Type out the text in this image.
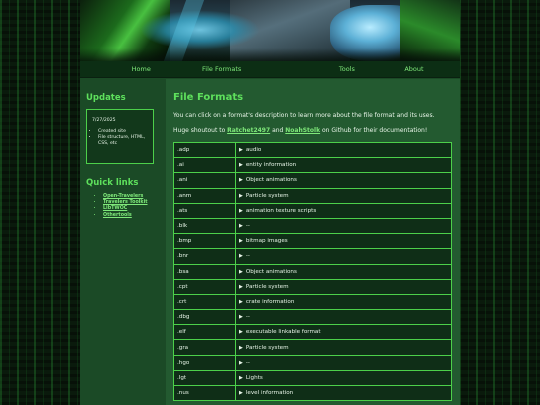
Home	File Formats	Tools	About
Updates
7/27/2025
• Created site
• File structure, HTML, CSS, etc
Quick links
• Open-Travelers
• Travelers Toolkit
• LibTWOC
• Othertools
File Formats

You can click on a format's description to learn more about the file format and its uses.

Huge shoutout to Ratchet2497 and NoahStolk on Github for their documentation!

.adp	▶ audio
.ai	▶ entity information
.ani	▶ Object animations
.anm	▶ Particle system
.ats	▶ animation texture scripts
.blk	▶ --
.bmp	▶ bitmap images
.bnr	▶ --
.bsa	▶ Object animations
.cpt	▶ Particle system
.crt	▶ crate information
.dbg	▶ --
.elf	▶ executable linkable format
.gra	▶ Particle system
.hgo	▶ --
.lgt	▶ Lights
.nus	▶ level information
